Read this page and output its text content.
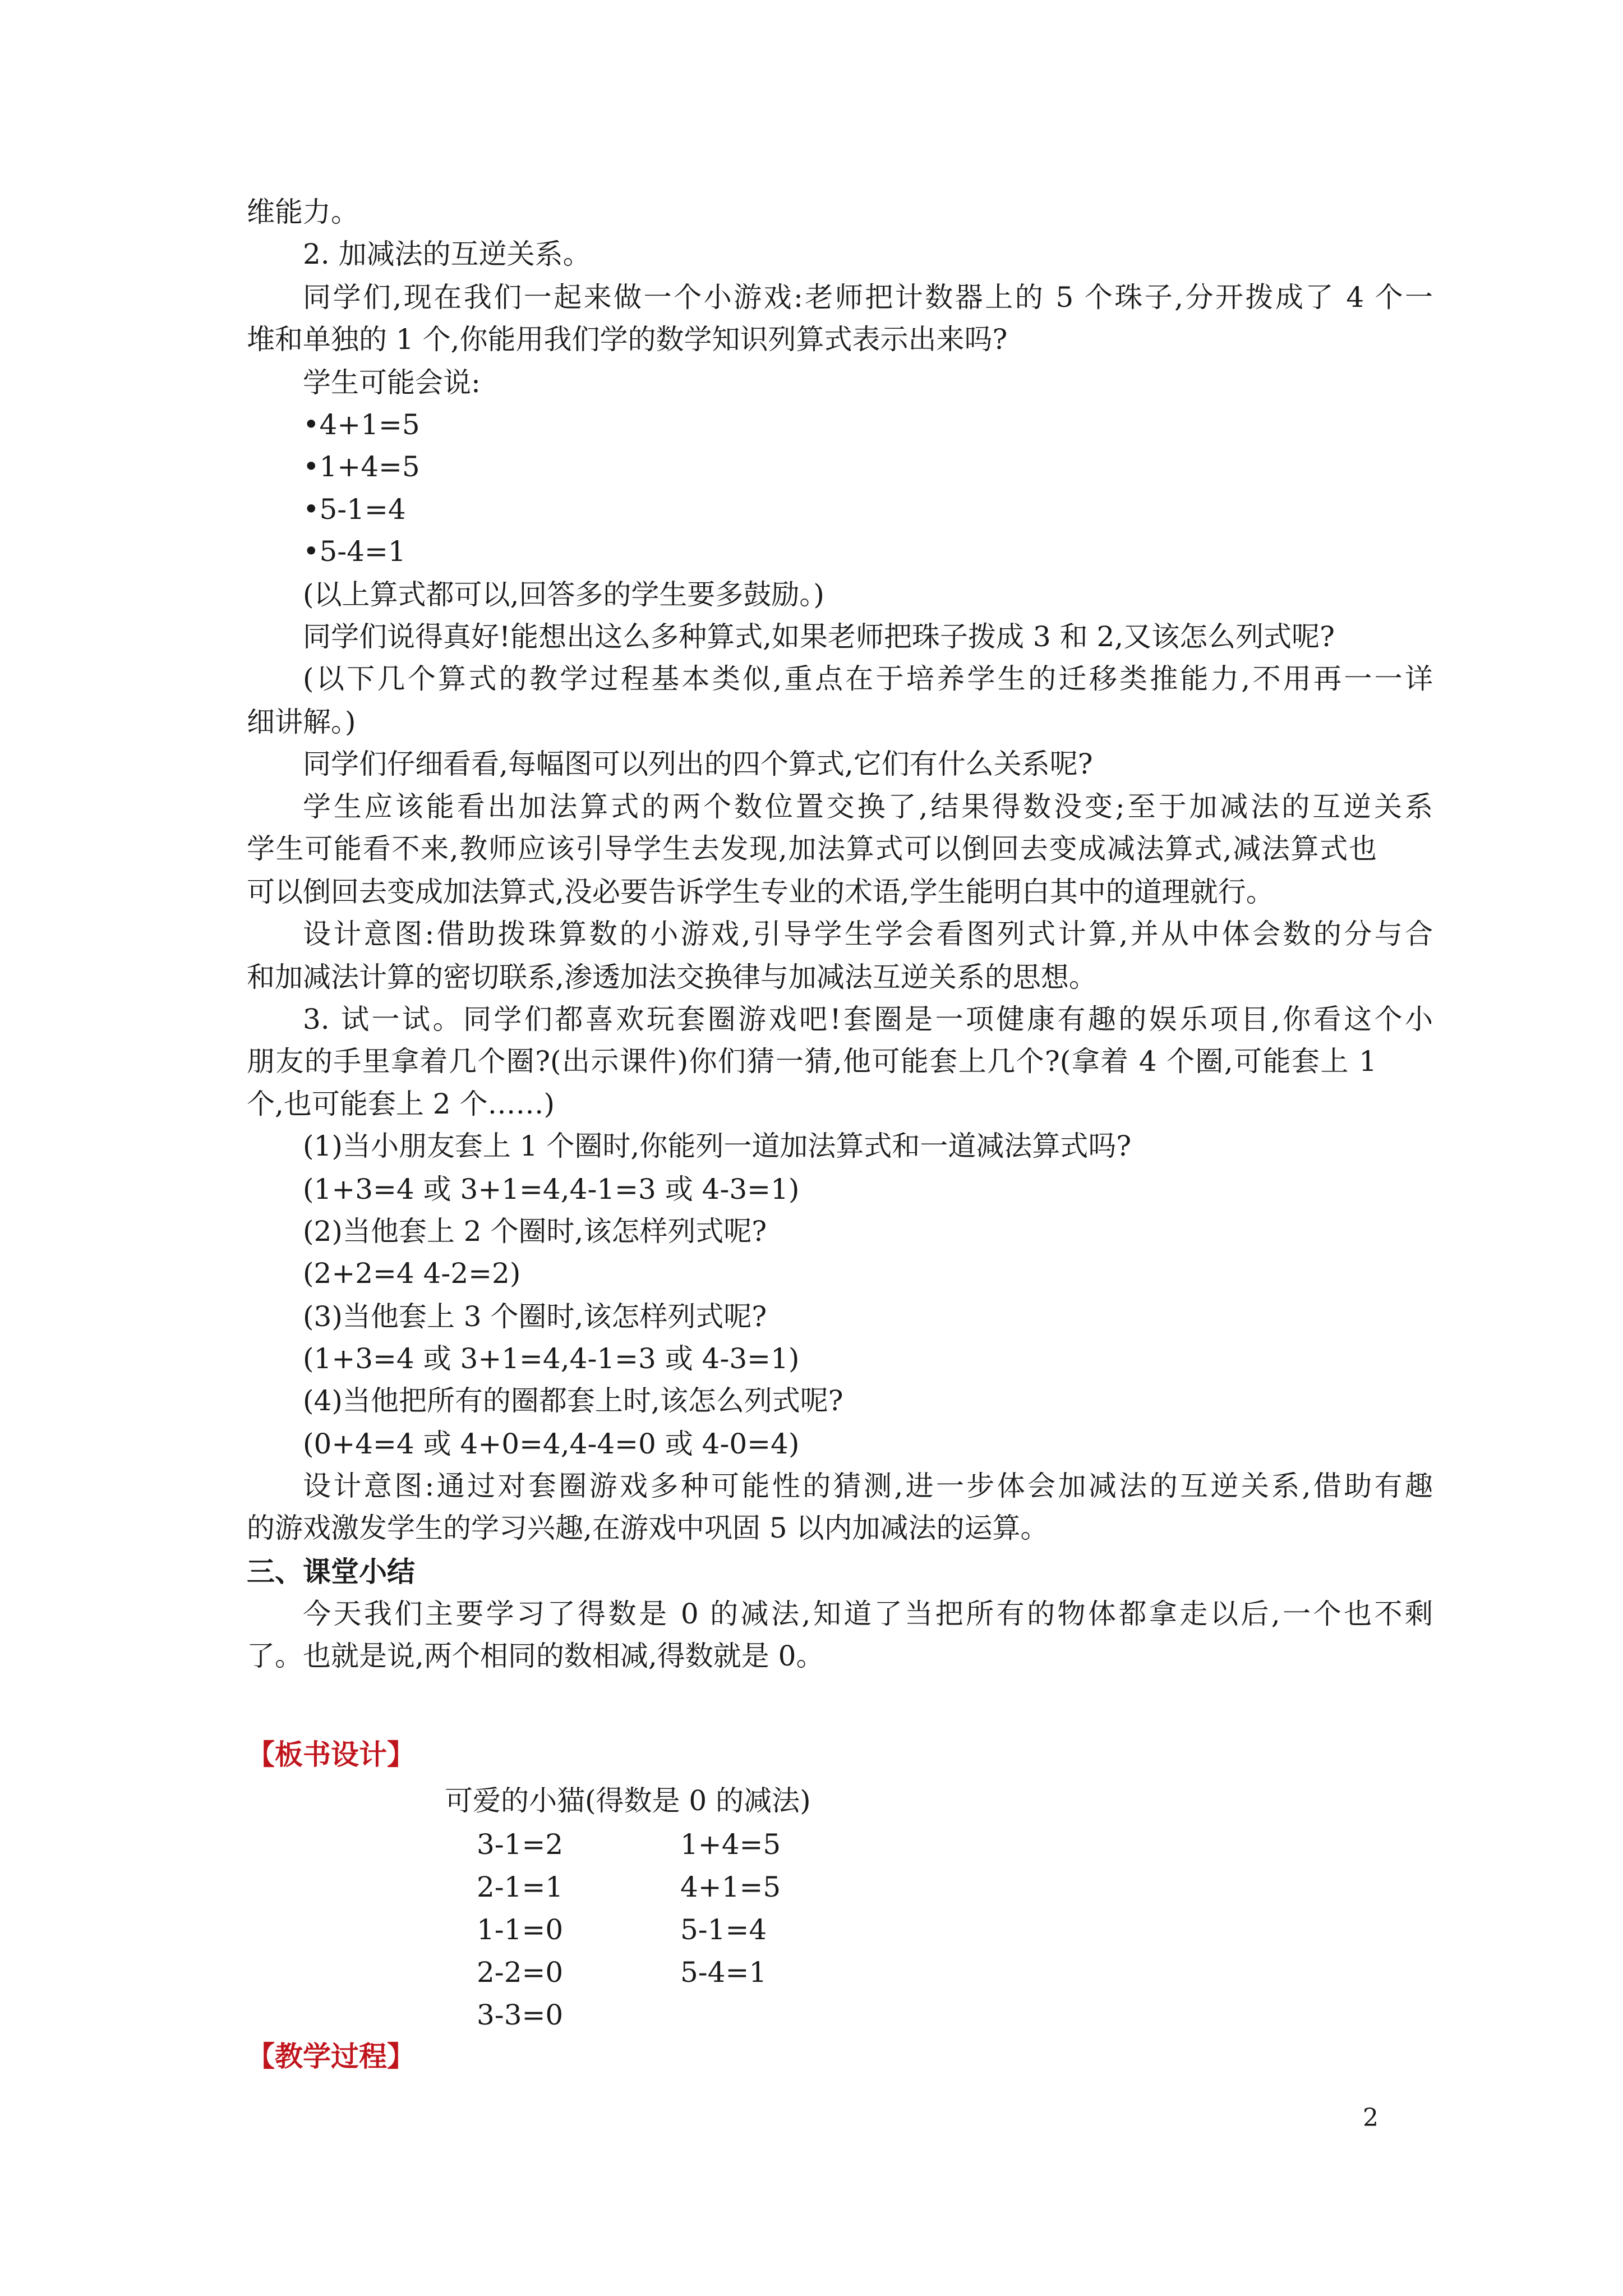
维能力。
2. 加减法的互逆关系。
同学们,现在我们一起来做一个小游戏:老师把计数器上的 5 个珠子,分开拨成了 4 个一
堆和单独的 1 个,你能用我们学的数学知识列算式表示出来吗?
学生可能会说:
•4+1=5
•1+4=5
•5-1=4
•5-4=1
(以上算式都可以,回答多的学生要多鼓励。)
同学们说得真好!能想出这么多种算式,如果老师把珠子拨成 3 和 2,又该怎么列式呢?
(以下几个算式的教学过程基本类似,重点在于培养学生的迁移类推能力,不用再一一详
细讲解。)
同学们仔细看看,每幅图可以列出的四个算式,它们有什么关系呢?
学生应该能看出加法算式的两个数位置交换了,结果得数没变;至于加减法的互逆关系
学生可能看不来,教师应该引导学生去发现,加法算式可以倒回去变成减法算式,减法算式也
可以倒回去变成加法算式,没必要告诉学生专业的术语,学生能明白其中的道理就行。
设计意图:借助拨珠算数的小游戏,引导学生学会看图列式计算,并从中体会数的分与合
和加减法计算的密切联系,渗透加法交换律与加减法互逆关系的思想。
3. 试一试。同学们都喜欢玩套圈游戏吧!套圈是一项健康有趣的娱乐项目,你看这个小
朋友的手里拿着几个圈?(出示课件)你们猜一猜,他可能套上几个?(拿着 4 个圈,可能套上 1
个,也可能套上 2 个……)
(1)当小朋友套上 1 个圈时,你能列一道加法算式和一道减法算式吗?
(1+3=4 或 3+1=4,4-1=3 或 4-3=1)
(2)当他套上 2 个圈时,该怎样列式呢?
(2+2=4 4-2=2)
(3)当他套上 3 个圈时,该怎样列式呢?
(1+3=4 或 3+1=4,4-1=3 或 4-3=1)
(4)当他把所有的圈都套上时,该怎么列式呢?
(0+4=4 或 4+0=4,4-4=0 或 4-0=4)
设计意图:通过对套圈游戏多种可能性的猜测,进一步体会加减法的互逆关系,借助有趣
的游戏激发学生的学习兴趣,在游戏中巩固 5 以内加减法的运算。
三、课堂小结
今天我们主要学习了得数是 0 的减法,知道了当把所有的物体都拿走以后,一个也不剩
了。也就是说,两个相同的数相减,得数就是 0。
【板书设计】
可爱的小猫(得数是 0 的减法)
3-1=2
2-1=1
1-1=0
2-2=0
3-3=0
1+4=5
4+1=5
5-1=4
5-4=1
【教学过程】
2
